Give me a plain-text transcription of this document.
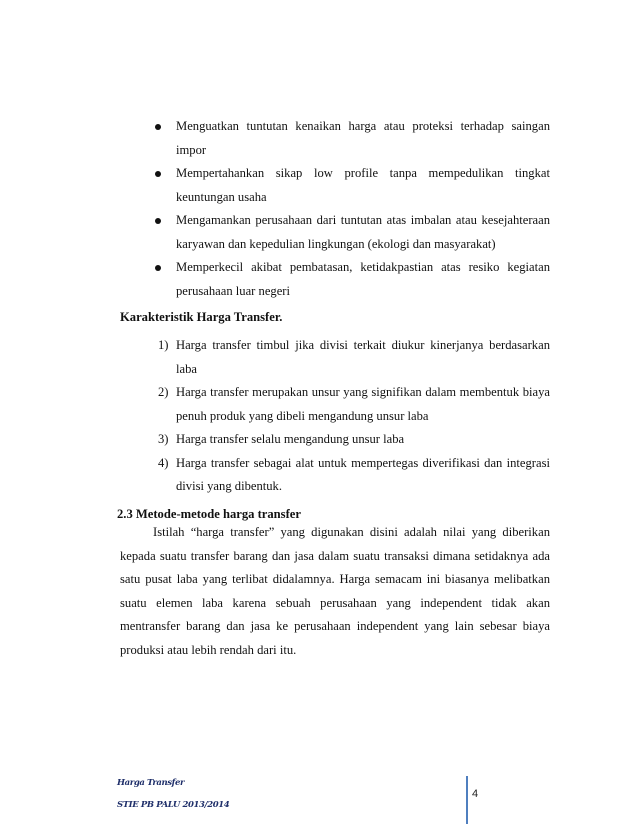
Menguatkan tuntutan kenaikan harga atau proteksi terhadap saingan impor
Mempertahankan sikap low profile tanpa mempedulikan tingkat keuntungan usaha
Mengamankan perusahaan dari tuntutan atas imbalan atau kesejahteraan karyawan dan kepedulian lingkungan (ekologi dan masyarakat)
Memperkecil akibat pembatasan, ketidakpastian atas resiko kegiatan perusahaan luar negeri
Karakteristik Harga Transfer.
1) Harga transfer timbul jika divisi terkait diukur kinerjanya berdasarkan laba
2) Harga transfer merupakan unsur yang signifikan dalam membentuk biaya penuh produk yang dibeli mengandung unsur laba
3) Harga transfer selalu mengandung unsur laba
4) Harga transfer sebagai alat untuk mempertegas diverifikasi dan integrasi divisi yang dibentuk.
2.3 Metode-metode harga transfer
Istilah “harga transfer” yang digunakan disini adalah nilai yang diberikan kepada suatu transfer barang dan jasa dalam suatu transaksi dimana setidaknya ada satu pusat laba yang terlibat didalamnya. Harga semacam ini biasanya melibatkan suatu elemen laba karena sebuah perusahaan yang independent tidak akan mentransfer barang dan jasa ke perusahaan independent yang lain sebesar biaya produksi atau lebih rendah dari itu.
Harga Transfer
STIE PB PALU 2013/2014
4
